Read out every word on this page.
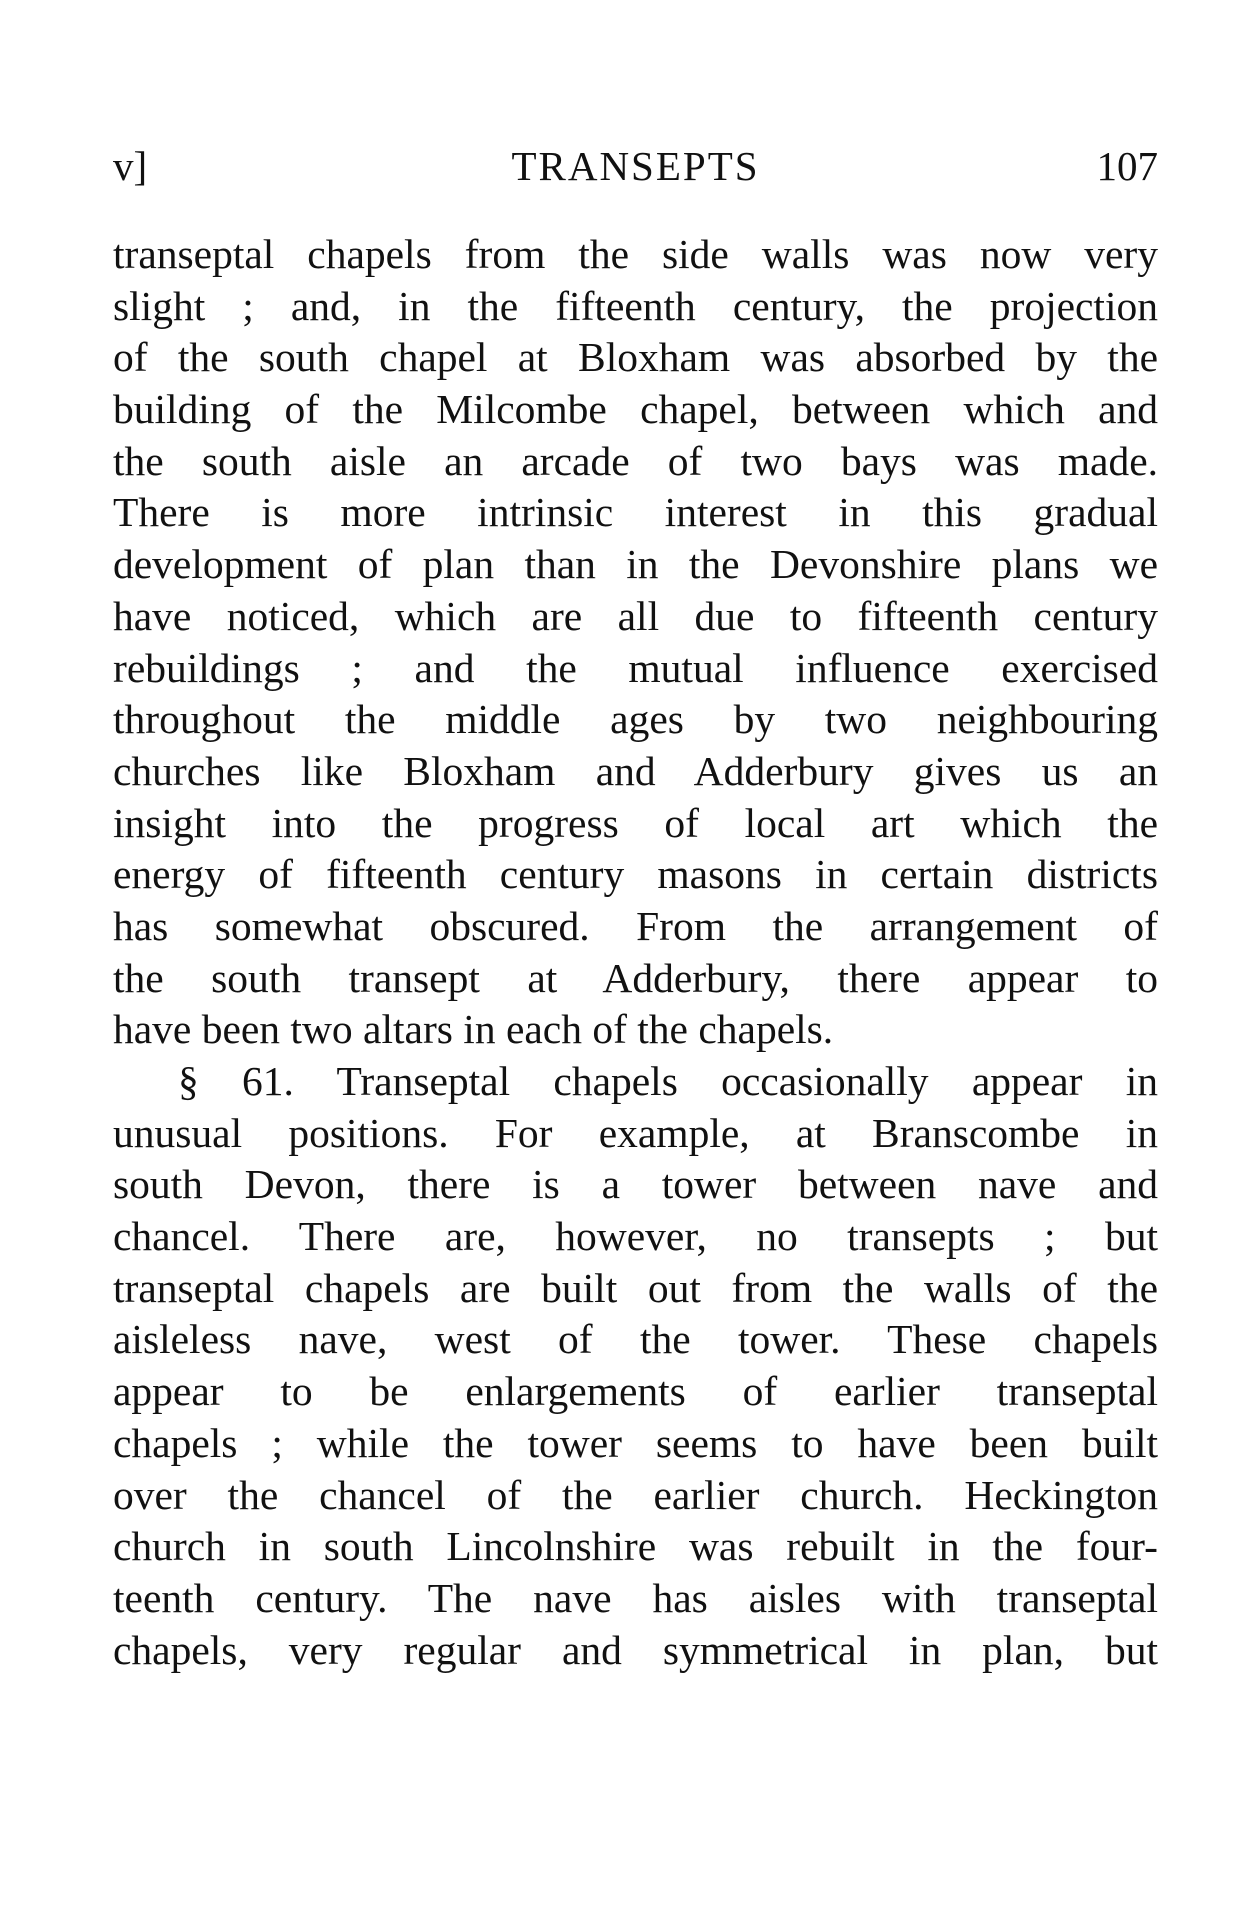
v]	TRANSEPTS	107
transeptal chapels from the side walls was now very
slight ; and, in the fifteenth century, the projection
of the south chapel at Bloxham was absorbed by the
building of the Milcombe chapel, between which and
the south aisle an arcade of two bays was made.
There is more intrinsic interest in this gradual
development of plan than in the Devonshire plans we
have noticed, which are all due to fifteenth century
rebuildings ; and the mutual influence exercised
throughout the middle ages by two neighbouring
churches like Bloxham and Adderbury gives us an
insight into the progress of local art which the
energy of fifteenth century masons in certain districts
has somewhat obscured. From the arrangement of
the south transept at Adderbury, there appear to
have been two altars in each of the chapels.
§ 61. Transeptal chapels occasionally appear in
unusual positions. For example, at Branscombe in
south Devon, there is a tower between nave and
chancel. There are, however, no transepts ; but
transeptal chapels are built out from the walls of the
aisleless nave, west of the tower. These chapels
appear to be enlargements of earlier transeptal
chapels ; while the tower seems to have been built
over the chancel of the earlier church. Heckington
church in south Lincolnshire was rebuilt in the four-
teenth century. The nave has aisles with transeptal
chapels, very regular and symmetrical in plan, but
